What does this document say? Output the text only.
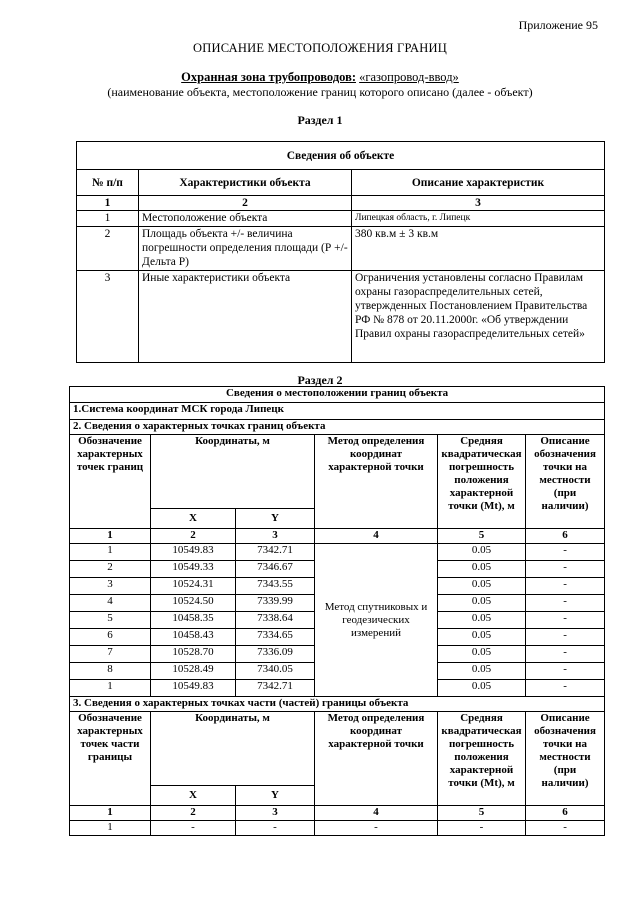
Приложение 95
ОПИСАНИЕ МЕСТОПОЛОЖЕНИЯ ГРАНИЦ
Охранная зона трубопроводов: «газопровод-ввод»
(наименование объекта, местоположение границ которого описано (далее - объект)
Раздел 1
Сведения об объекте		
№ п/п	Характеристики объекта	Описание характеристик
1	2	3
1	Местоположение объекта	Липецкая область, г. Липецк
2	Площадь объекта +/- величина погрешности определения площади (Р +/- Дельта Р)	380 кв.м ± 3 кв.м
3	Иные характеристики объекта	Ограничения установлены согласно Правилам охраны газораспределительных сетей, утвержденных Постановлением Правительства РФ № 878 от 20.11.2000г. «Об утверждении Правил охраны газораспределительных сетей»
Раздел 2
Сведения о местоположении границ объекта					
1.Система координат МСК города Липецк					
2. Сведения о характерных точках границ объекта					
Обозначение характерных точек границ	Координаты, м		Метод определения координат характерной точки	Средняя квадратическая погрешность положения характерной точки (Mt), м	Описание обозначения точки на местности (при наличии)
	X	Y			
1	2	3	4	5	6
1	10549.83	7342.71	Метод спутниковых и геодезических измерений	0.05	-
2	10549.33	7346.67		0.05	-
3	10524.31	7343.55		0.05	-
4	10524.50	7339.99		0.05	-
5	10458.35	7338.64		0.05	-
6	10458.43	7334.65		0.05	-
7	10528.70	7336.09		0.05	-
8	10528.49	7340.05		0.05	-
1	10549.83	7342.71		0.05	-
3. Сведения о характерных точках части (частей) границы объекта					
Обозначение характерных точек части границы	Координаты, м		Метод определения координат характерной точки	Средняя квадратическая погрешность положения характерной точки (Mt), м	Описание обозначения точки на местности (при наличии)
	X	Y			
1	2	3	4	5	6
1	-	-	-	-	-
